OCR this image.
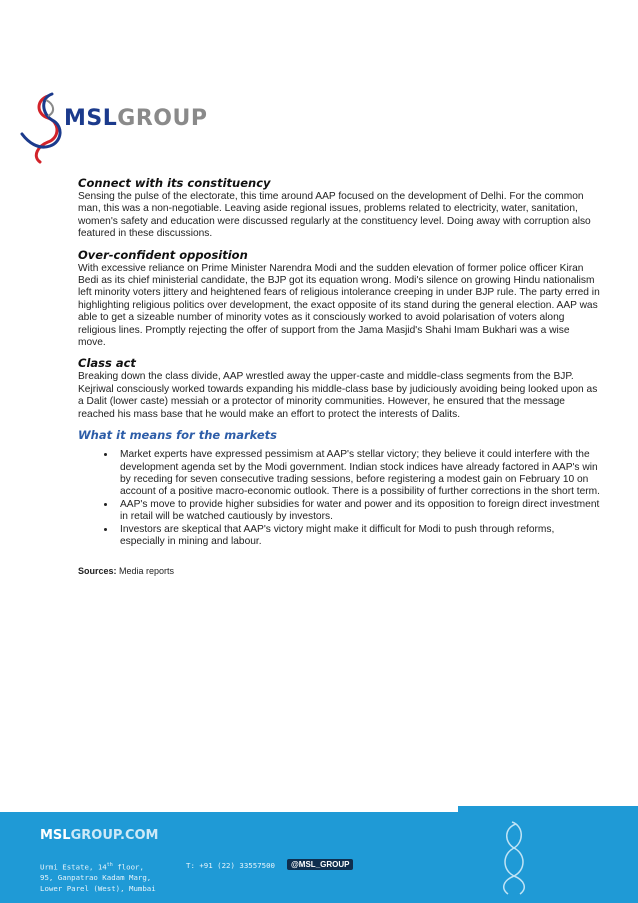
MSLGROUP
Connect with its constituency

Sensing the pulse of the electorate, this time around AAP focused on the development of Delhi. For the common man, this was a non-negotiable. Leaving aside regional issues, problems related to electricity, water, sanitation, women's safety and education were discussed regularly at the constituency level. Doing away with corruption also featured in these discussions.

Over-confident opposition

With excessive reliance on Prime Minister Narendra Modi and the sudden elevation of former police officer Kiran Bedi as its chief ministerial candidate, the BJP got its equation wrong. Modi's silence on growing Hindu nationalism left minority voters jittery and heightened fears of religious intolerance creeping in under BJP rule. The party erred in highlighting religious politics over development, the exact opposite of its stand during the general election. AAP was able to get a sizeable number of minority votes as it consciously worked to avoid polarisation of voters along religious lines. Promptly rejecting the offer of support from the Jama Masjid's Shahi Imam Bukhari was a wise move.

Class act

Breaking down the class divide, AAP wrestled away the upper-caste and middle-class segments from the BJP. Kejriwal consciously worked towards expanding his middle-class base by judiciously avoiding being looked upon as a Dalit (lower caste) messiah or a protector of minority communities. However, he ensured that the message reached his mass base that he would make an effort to protect the interests of Dalits.

What it means for the markets
• Market experts have expressed pessimism at AAP's stellar victory; they believe it could interfere with the development agenda set by the Modi government. Indian stock indices have already factored in AAP's win by receding for seven consecutive trading sessions, before registering a modest gain on February 10 on account of a positive macro-economic outlook. There is a possibility of further corrections in the short term.
• AAP's move to provide higher subsidies for water and power and its opposition to foreign direct investment in retail will be watched cautiously by investors.
• Investors are skeptical that AAP's victory might make it difficult for Modi to push through reforms, especially in mining and labour.
Sources: Media reports
MSLGROUP.COM
Urmi Estate, 14th floor,
95, Ganpatrao Kadam Marg,
Lower Parel (West), Mumbai
T: +91 (22) 33557500	@MSL_GROUP
